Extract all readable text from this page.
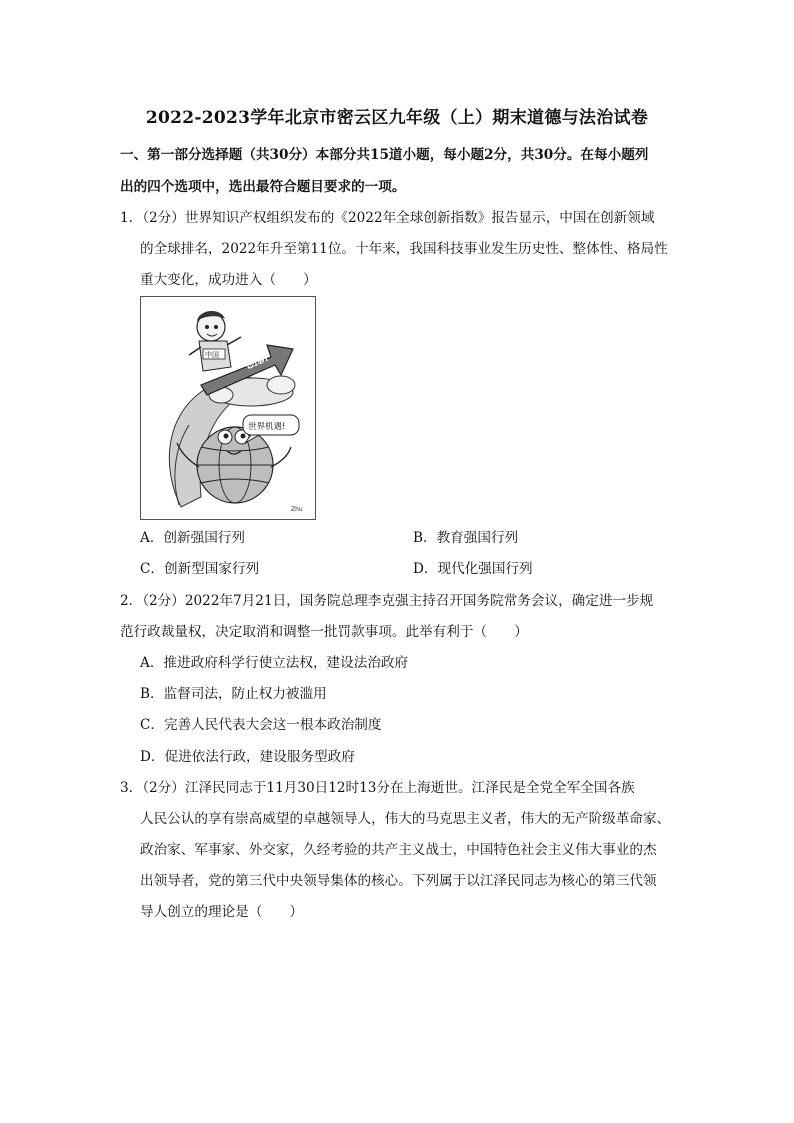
2022-2023学年北京市密云区九年级（上）期末道德与法治试卷
一、第一部分选择题（共30分）本部分共15道小题，每小题2分，共30分。在每小题列
出的四个选项中，选出最符合题目要求的一项。
1．（2分）世界知识产权组织发布的《2022年全球创新指数》报告显示，中国在创新领域
的全球排名，2022年升至第11位。十年来，我国科技事业发生历史性、整体性、格局性
重大变化，成功进入（　　）
创新
中国
世界机遇!
Zhu
A．创新强国行列	B．教育强国行列
C．创新型国家行列	D．现代化强国行列
2．（2分）2022年7月21日，国务院总理李克强主持召开国务院常务会议，确定进一步规
范行政裁量权，决定取消和调整一批罚款事项。此举有利于（　　）
A．推进政府科学行使立法权，建设法治政府
B．监督司法，防止权力被滥用
C．完善人民代表大会这一根本政治制度
D．促进依法行政，建设服务型政府
3．（2分）江泽民同志于11月30日12时13分在上海逝世。江泽民是全党全军全国各族
人民公认的享有崇高威望的卓越领导人，伟大的马克思主义者，伟大的无产阶级革命家、
政治家、军事家、外交家，久经考验的共产主义战士，中国特色社会主义伟大事业的杰
出领导者，党的第三代中央领导集体的核心。下列属于以江泽民同志为核心的第三代领
导人创立的理论是（　　）
